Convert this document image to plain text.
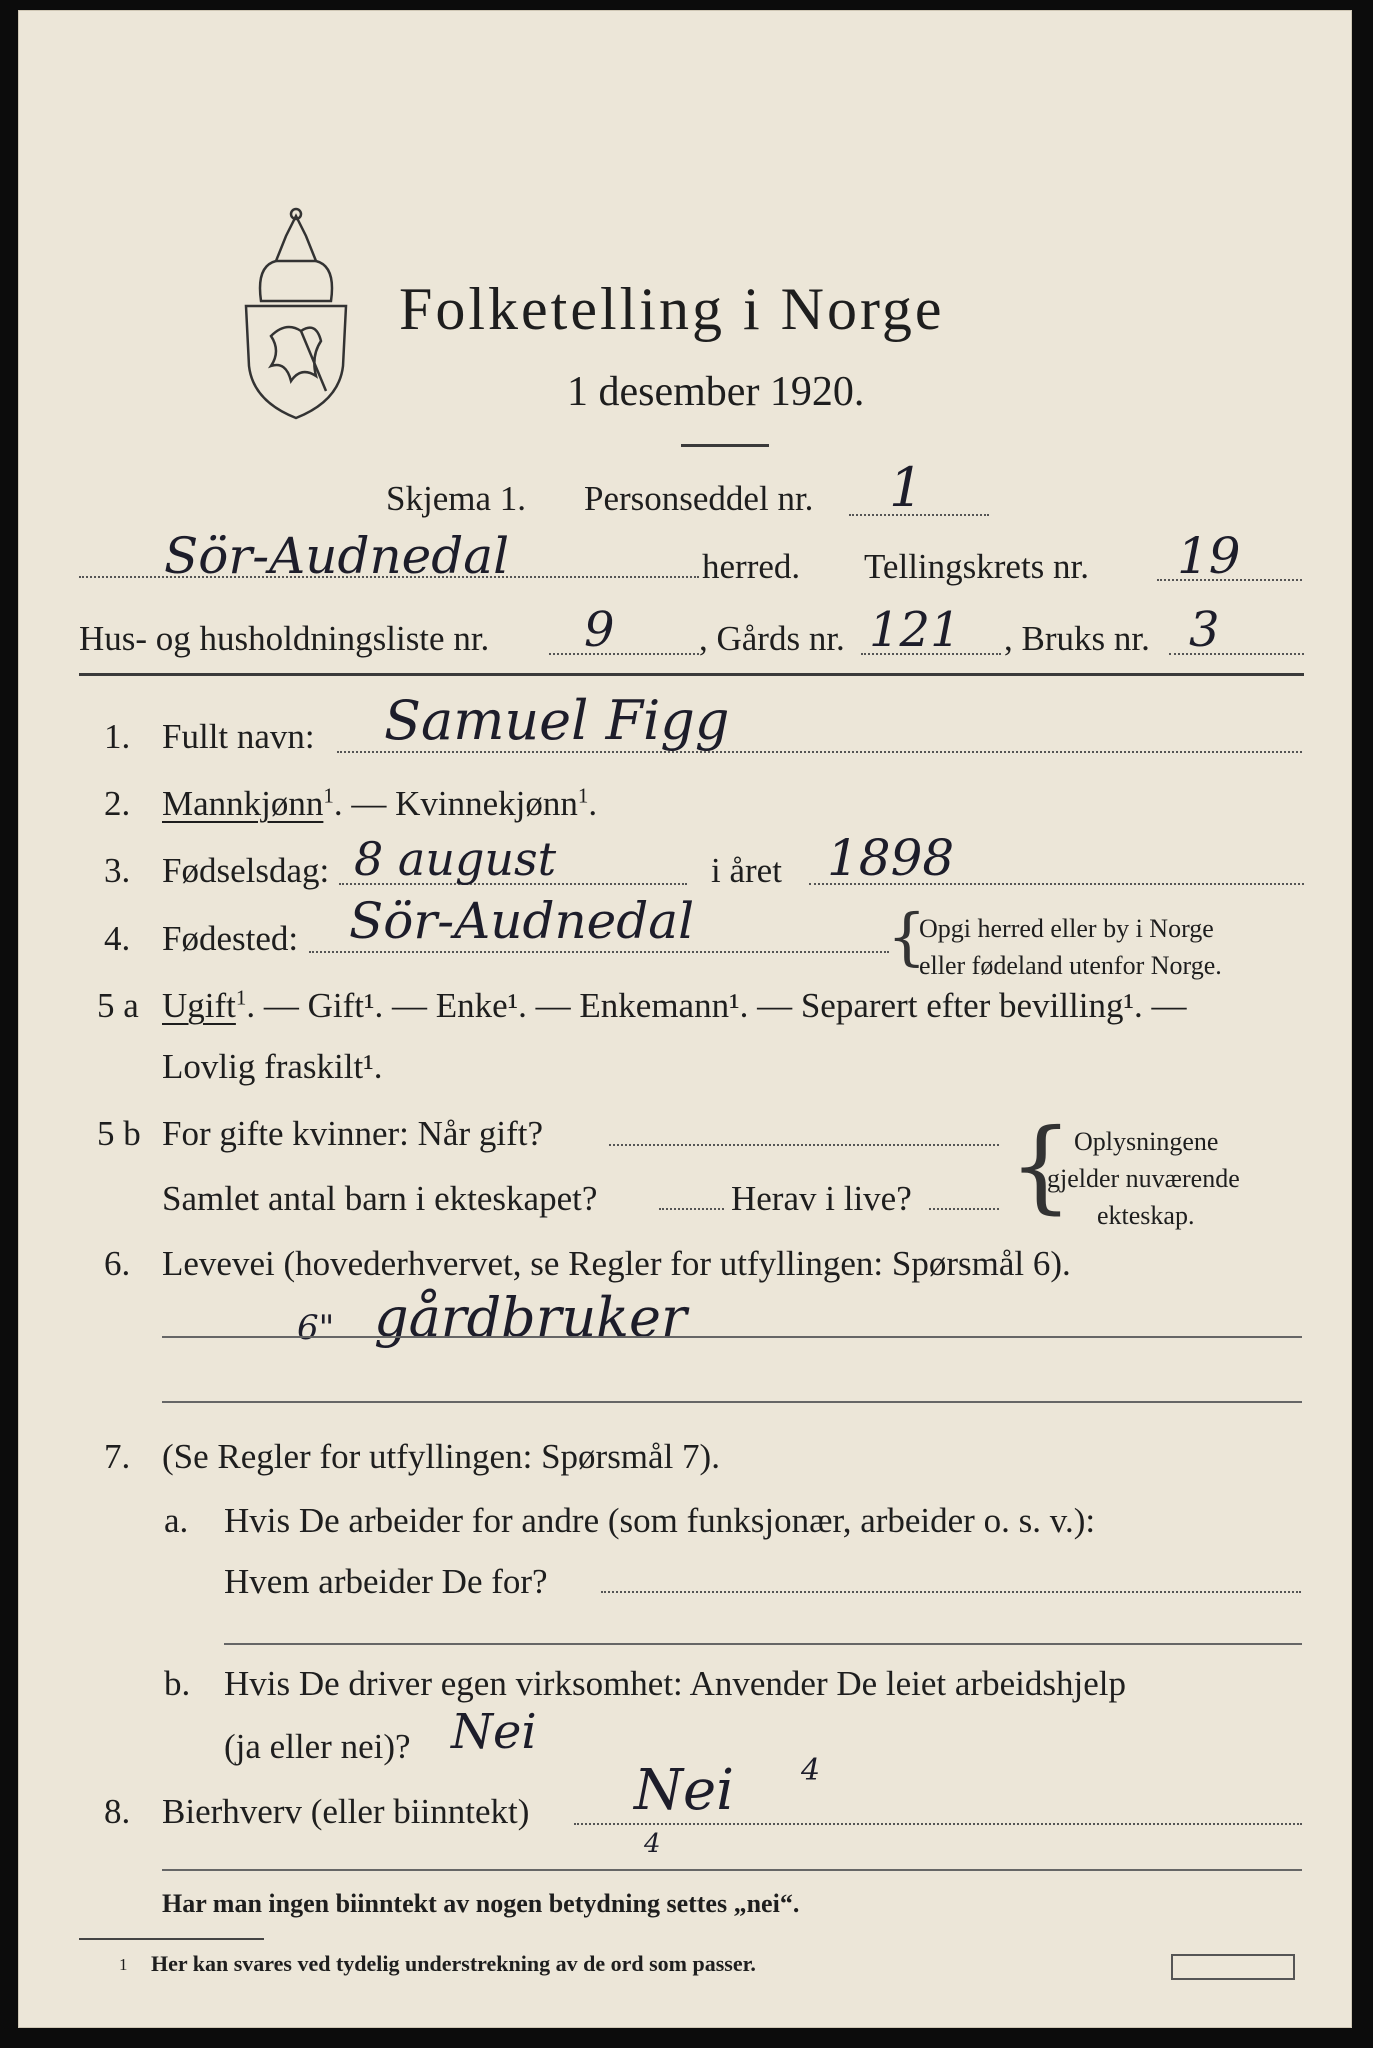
Folketelling i Norge
1 desember 1920.
Skjema 1. Personseddel nr. 1
Sör-Audnedal	herred. Tellingskrets nr. 19
Hus- og husholdningsliste nr. 9 , Gårds nr. 121 , Bruks nr. 3
1. Fullt navn: Samuel Figg
2. Mannkjønn$^1$. — Kvinnekjønn$^1$.
3. Fødselsdag: 8 august	i året 1898
4. Fødested: Sör-Audnedal	{
Opgi herred eller by i Norge
eller fødeland utenfor Norge.
5 a Ugift$^1$. — Gift¹. — Enke¹. — Enkemann¹. — Separert efter bevilling¹. —
Lovlig fraskilt¹.
5 b For gifte kvinner: Når gift?
Samlet antal barn i ekteskapet?	Herav i live? { Oplysningene
gjelder nuværende
ekteskap.
6. Levevei (hovederhvervet, se Regler for utfyllingen: Spørsmål 6).
6" gårdbruker
7. (Se Regler for utfyllingen: Spørsmål 7).
a. Hvis De arbeider for andre (som funksjonær, arbeider o. s. v.):
Hvem arbeider De for?
b. Hvis De driver egen virksomhet: Anvender De leiet arbeidshjelp
(ja eller nei)? Nei
8. Bierhverv (eller biinntekt) Nei 4
4
Har man ingen biinntekt av nogen betydning settes „nei“.
1 Her kan svares ved tydelig understrekning av de ord som passer.
